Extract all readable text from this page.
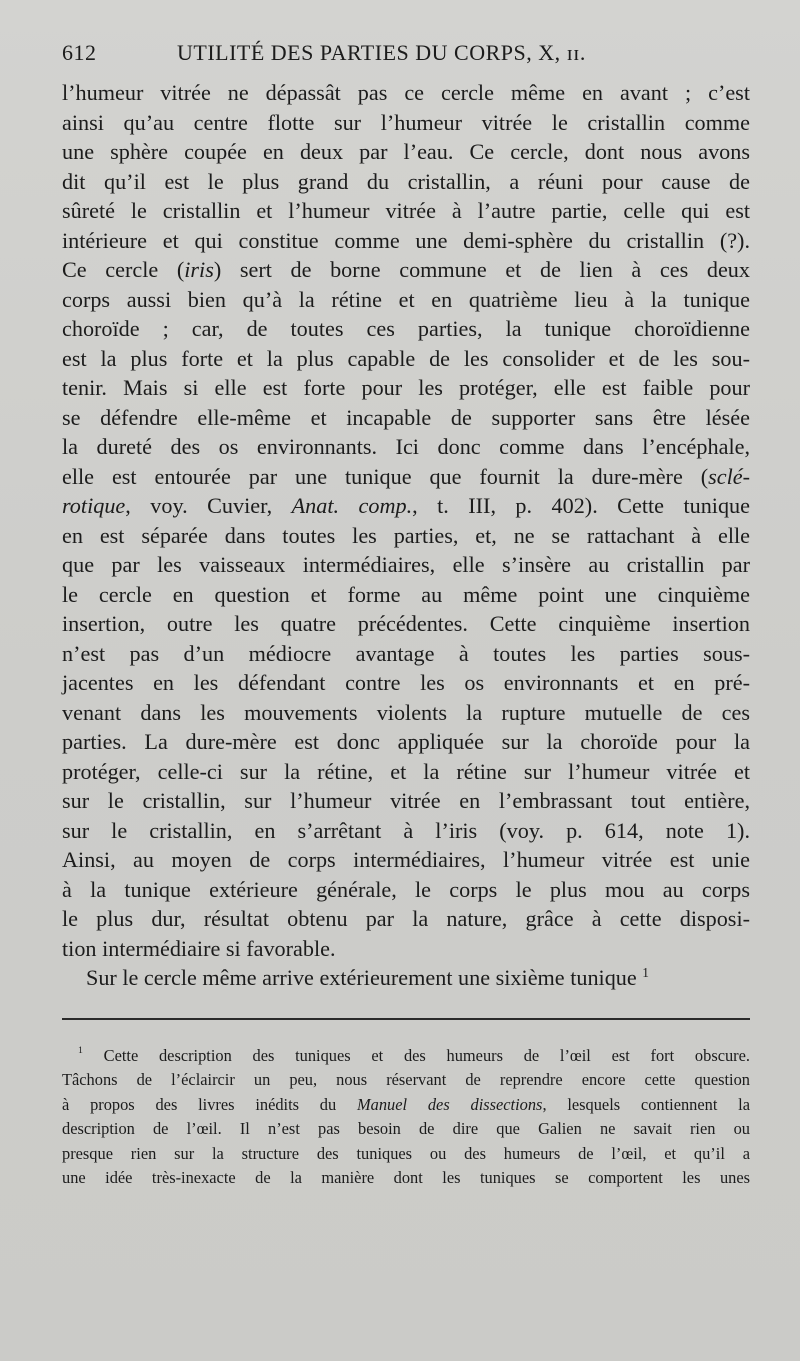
612	UTILITÉ DES PARTIES DU CORPS, X, ɪɪ.
l’humeur vitrée ne dépassât pas ce cercle même en avant ; c’est
ainsi qu’au centre flotte sur l’humeur vitrée le cristallin comme
une sphère coupée en deux par l’eau. Ce cercle, dont nous avons
dit qu’il est le plus grand du cristallin, a réuni pour cause de
sûreté le cristallin et l’humeur vitrée à l’autre partie, celle qui est
intérieure et qui constitue comme une demi-sphère du cristallin (?).
Ce cercle (iris) sert de borne commune et de lien à ces deux
corps aussi bien qu’à la rétine et en quatrième lieu à la tunique
choroïde ; car, de toutes ces parties, la tunique choroïdienne
est la plus forte et la plus capable de les consolider et de les sou-
tenir. Mais si elle est forte pour les protéger, elle est faible pour
se défendre elle-même et incapable de supporter sans être lésée
la dureté des os environnants. Ici donc comme dans l’encéphale,
elle est entourée par une tunique que fournit la dure-mère (sclé-
rotique, voy. Cuvier, Anat. comp., t. III, p. 402). Cette tunique
en est séparée dans toutes les parties, et, ne se rattachant à elle
que par les vaisseaux intermédiaires, elle s’insère au cristallin par
le cercle en question et forme au même point une cinquième
insertion, outre les quatre précédentes. Cette cinquième insertion
n’est pas d’un médiocre avantage à toutes les parties sous-
jacentes en les défendant contre les os environnants et en pré-
venant dans les mouvements violents la rupture mutuelle de ces
parties. La dure-mère est donc appliquée sur la choroïde pour la
protéger, celle-ci sur la rétine, et la rétine sur l’humeur vitrée et
sur le cristallin, sur l’humeur vitrée en l’embrassant tout entière,
sur le cristallin, en s’arrêtant à l’iris (voy. p. 614, note 1).
Ainsi, au moyen de corps intermédiaires, l’humeur vitrée est unie
à la tunique extérieure générale, le corps le plus mou au corps
le plus dur, résultat obtenu par la nature, grâce à cette disposi-
tion intermédiaire si favorable.
Sur le cercle même arrive extérieurement une sixième tunique $^1$
$^1$ Cette description des tuniques et des humeurs de l’œil est fort obscure.
Tâchons de l’éclaircir un peu, nous réservant de reprendre encore cette question
à propos des livres inédits du Manuel des dissections, lesquels contiennent la
description de l’œil. Il n’est pas besoin de dire que Galien ne savait rien ou
presque rien sur la structure des tuniques ou des humeurs de l’œil, et qu’il a
une idée très-inexacte de la manière dont les tuniques se comportent les unes
